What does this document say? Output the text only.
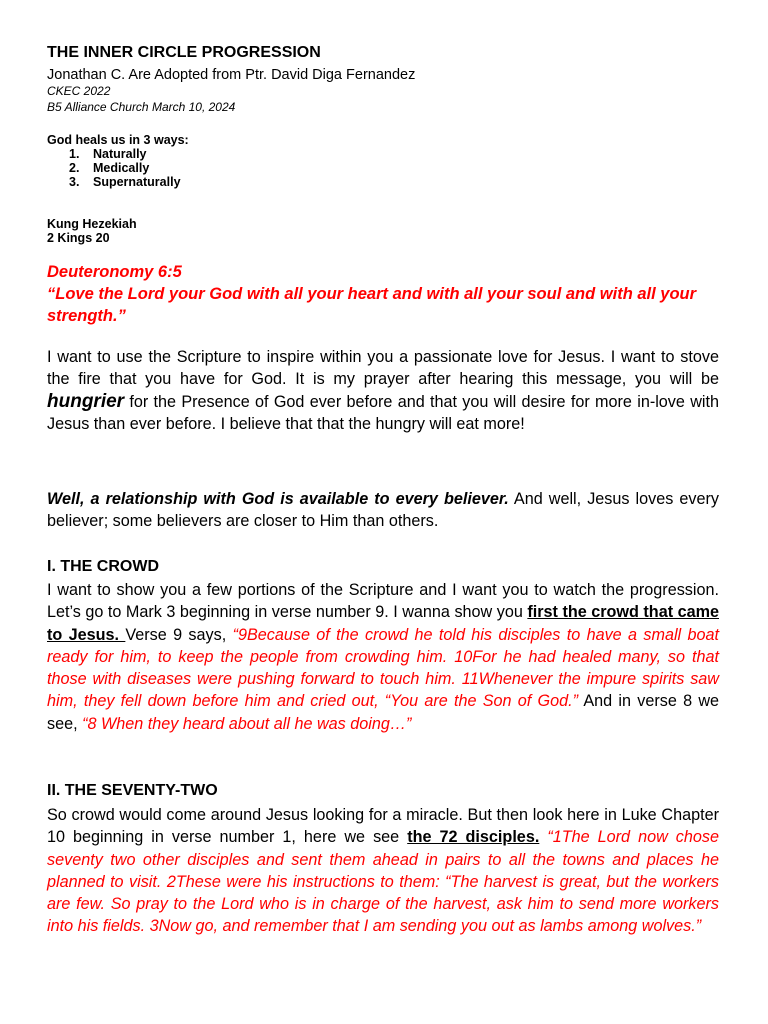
THE INNER CIRCLE PROGRESSION
Jonathan C. Are Adopted from Ptr. David Diga Fernandez
CKEC 2022
B5 Alliance Church March 10, 2024
God heals us in 3 ways:
1.	Naturally
2.	Medically
3.	Supernaturally
Kung Hezekiah
2 Kings 20
Deuteronomy 6:5
“Love the Lord your God with all your heart and with all your soul and with all your strength.”
I want to use the Scripture to inspire within you a passionate love for Jesus. I want to stove the fire that you have for God. It is my prayer after hearing this message, you will be hungrier for the Presence of God ever before and that you will desire for more in-love with Jesus than ever before. I believe that that the hungry will eat more!
Well, a relationship with God is available to every believer. And well, Jesus loves every believer; some believers are closer to Him than others.
I. THE CROWD
I want to show you a few portions of the Scripture and I want you to watch the progression. Let’s go to Mark 3 beginning in verse number 9. I wanna show you first the crowd that came to Jesus. Verse 9 says, “9Because of the crowd he told his disciples to have a small boat ready for him, to keep the people from crowding him. 10For he had healed many, so that those with diseases were pushing forward to touch him. 11Whenever the impure spirits saw him, they fell down before him and cried out, “You are the Son of God.” And in verse 8 we see, “8 When they heard about all he was doing…”
II. THE SEVENTY-TWO
So crowd would come around Jesus looking for a miracle. But then look here in Luke Chapter 10 beginning in verse number 1, here we see the 72 disciples. “1The Lord now chose seventy two other disciples and sent them ahead in pairs to all the towns and places he planned to visit. 2These were his instructions to them: “The harvest is great, but the workers are few. So pray to the Lord who is in charge of the harvest, ask him to send more workers into his fields. 3Now go, and remember that I am sending you out as lambs among wolves.”
